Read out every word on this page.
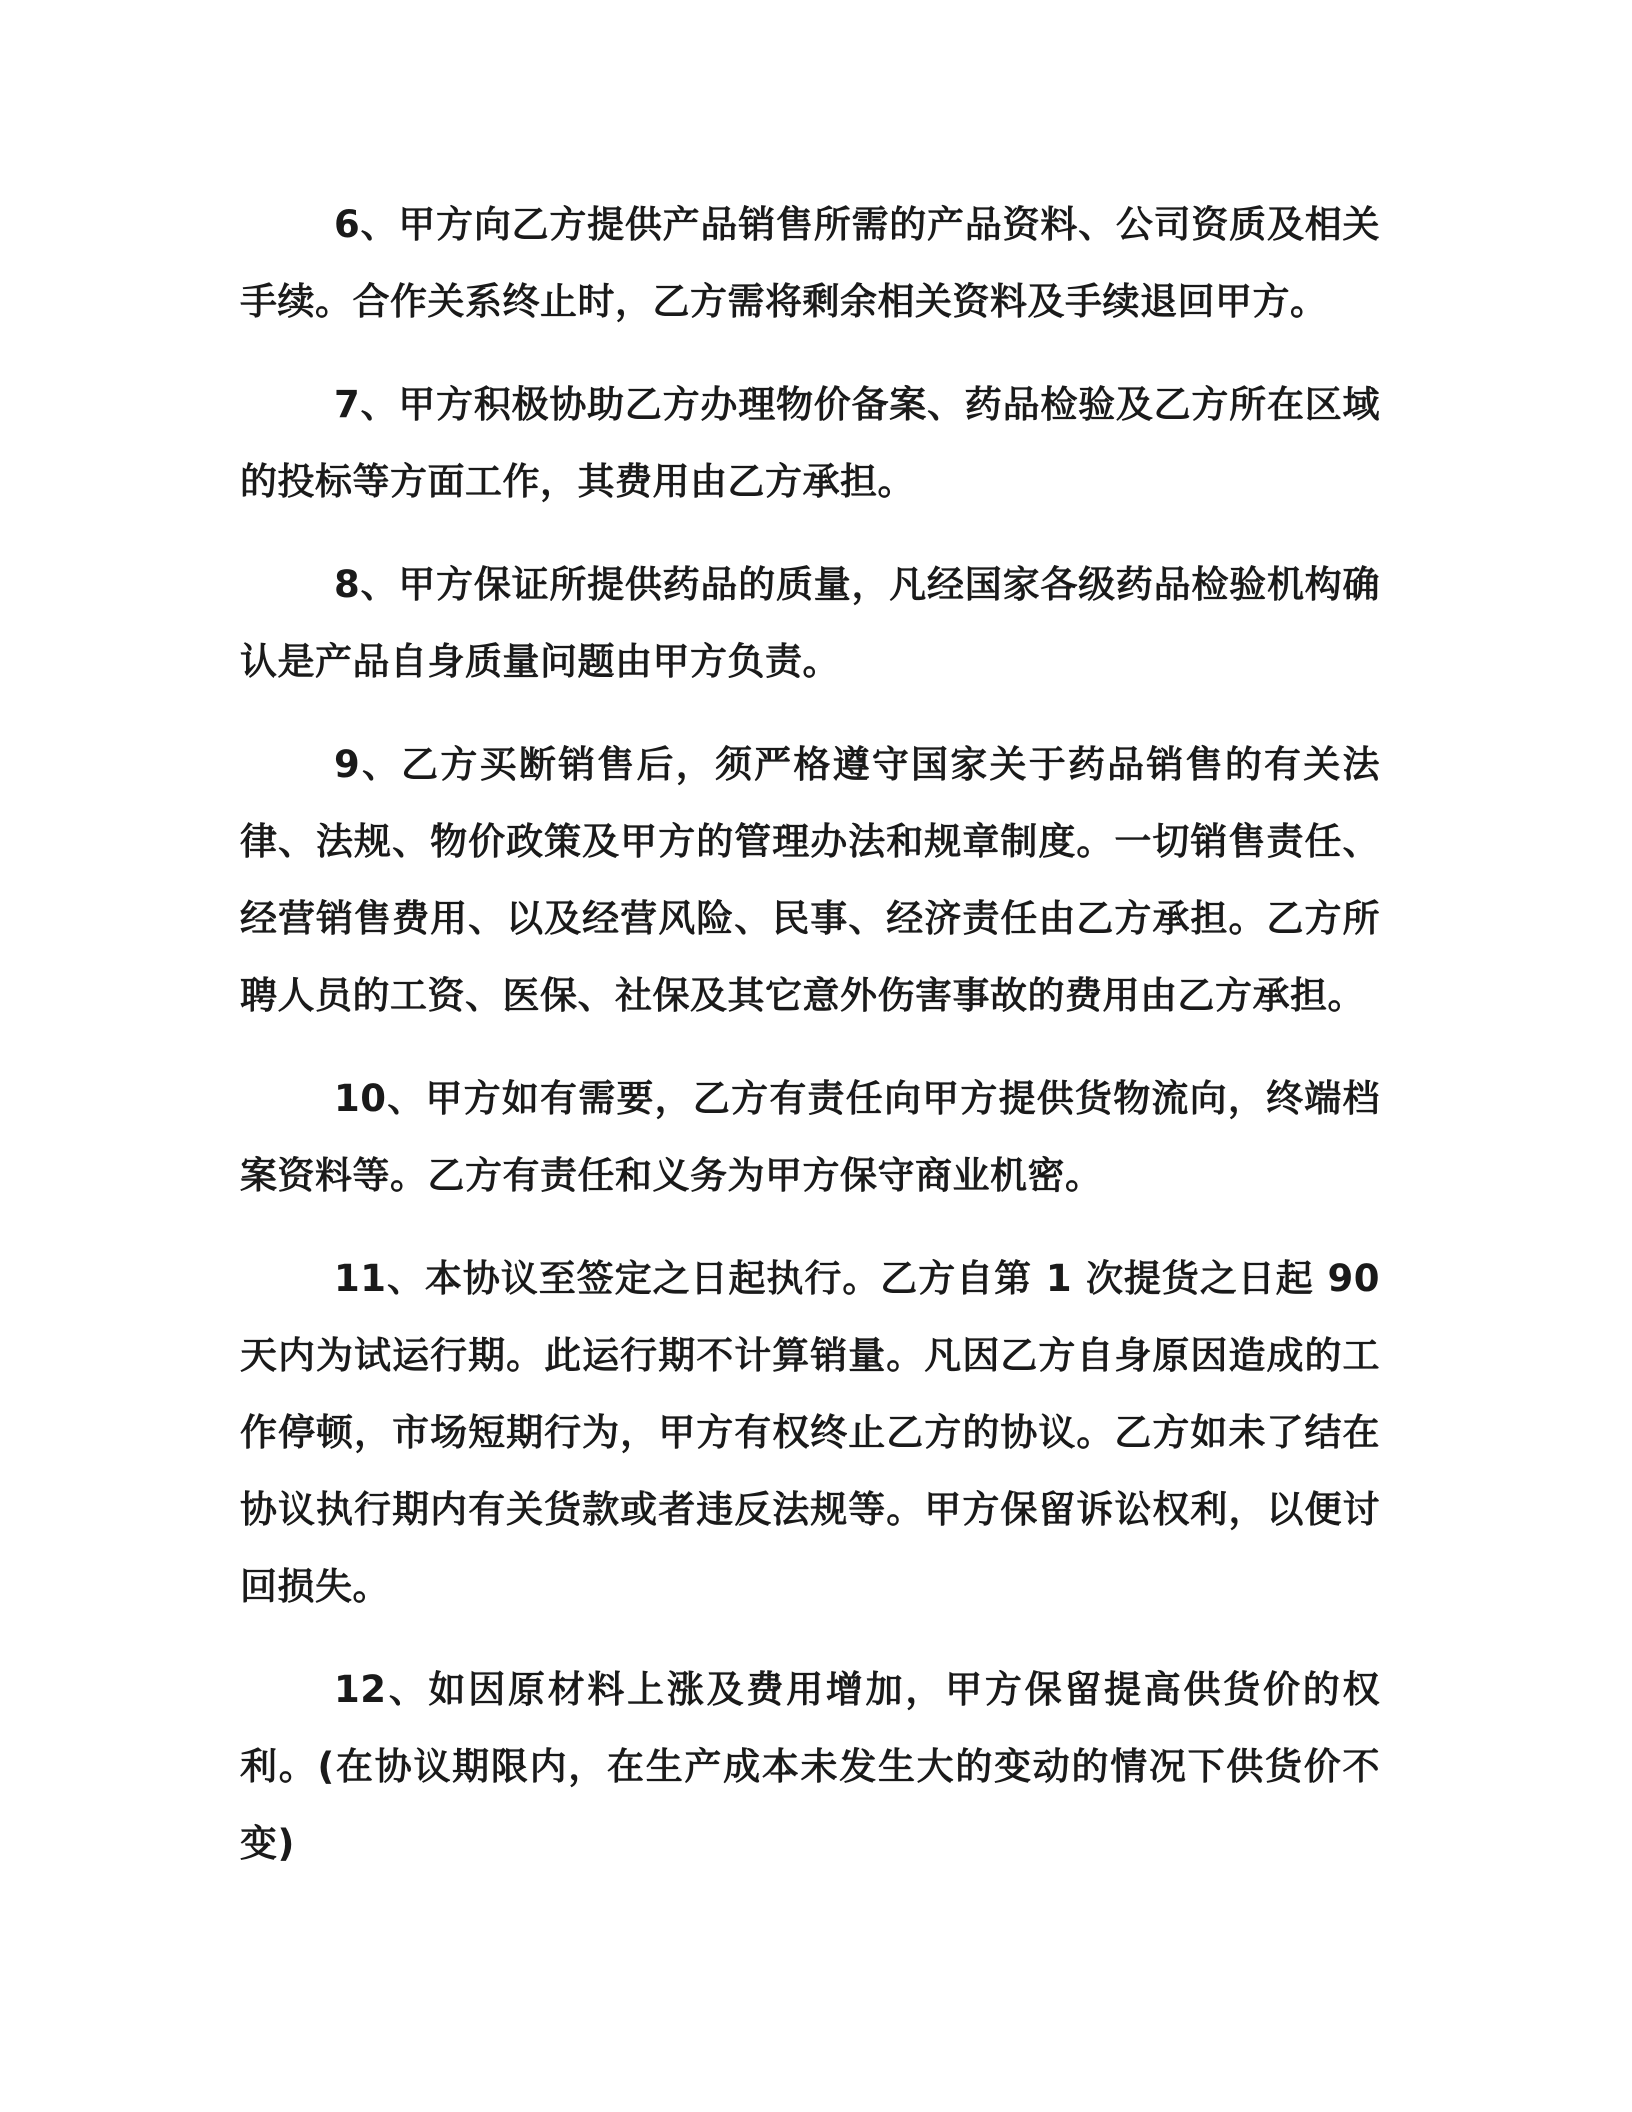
6、甲方向乙方提供产品销售所需的产品资料、公司资质及相关手续。合作关系终止时，乙方需将剩余相关资料及手续退回甲方。

7、甲方积极协助乙方办理物价备案、药品检验及乙方所在区域的投标等方面工作，其费用由乙方承担。

8、甲方保证所提供药品的质量，凡经国家各级药品检验机构确认是产品自身质量问题由甲方负责。

9、乙方买断销售后，须严格遵守国家关于药品销售的有关法律、法规、物价政策及甲方的管理办法和规章制度。一切销售责任、经营销售费用、以及经营风险、民事、经济责任由乙方承担。乙方所聘人员的工资、医保、社保及其它意外伤害事故的费用由乙方承担。

10、甲方如有需要，乙方有责任向甲方提供货物流向，终端档案资料等。乙方有责任和义务为甲方保守商业机密。

11、本协议至签定之日起执行。乙方自第 1 次提货之日起 90 天内为试运行期。此运行期不计算销量。凡因乙方自身原因造成的工作停顿，市场短期行为，甲方有权终止乙方的协议。乙方如未了结在协议执行期内有关货款或者违反法规等。甲方保留诉讼权利，以便讨回损失。

12、如因原材料上涨及费用增加，甲方保留提高供货价的权利。(在协议期限内，在生产成本未发生大的变动的情况下供货价不变)
